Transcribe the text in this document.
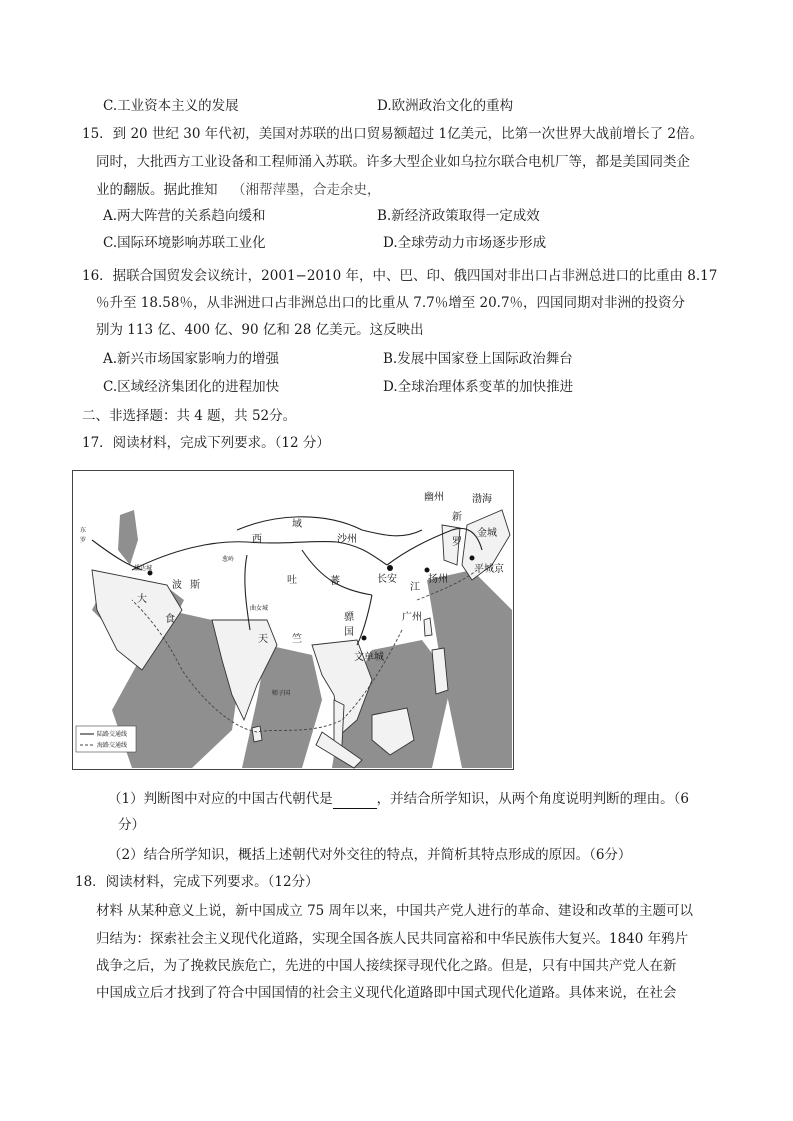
C.工业资本主义的发展	D.欧洲政治文化的重构
15．到 20 世纪 30 年代初，美国对苏联的出口贸易额超过 1亿美元，比第一次世界大战前增长了 2倍。
同时，大批西方工业设备和工程师涌入苏联。许多大型企业如乌拉尔联合电机厂等，都是美国同类企
业的翻版。据此推知 （湘帮萍墨，合走余史，
A.两大阵营的关系趋向缓和	B.新经济政策取得一定成效
C.国际环境影响苏联工业化	D.全球劳动力市场逐步形成
16．据联合国贸发会议统计，2001−2010 年，中、巴、印、俄四国对非出口占非洲总进口的比重由 8.17
％升至 18.58％，从非洲进口占非洲总出口的比重从 7.7％增至 20.7％，四国同期对非洲的投资分
别为 113 亿、400 亿、90 亿和 28 亿美元。这反映出
A.新兴市场国家影响力的增强	B.发展中国家登上国际政治舞台
C.区域经济集团化的进程加快	D.全球治理体系变革的加快推进
二、非选择题：共 4 题，共 52分。
17．阅读材料，完成下列要求。（12 分）
渤海
幽州
新
罗
金城
平城京
沙州
西
域
葱岭
吐	蕃	长安	扬州
江
广州
大
食
波 斯
播达城
曲女城
天 竺
骠
国
文单城
师子国
东
罗
陆路交通线
海路交通线
（1）判断图中对应的中国古代朝代是	，并结合所学知识，从两个角度说明判断的理由。（6
分）
（2）结合所学知识，概括上述朝代对外交往的特点，并简析其特点形成的原因。（6分）
18．阅读材料，完成下列要求。（12分）
材料 从某种意义上说，新中国成立 75 周年以来，中国共产党人进行的革命、建设和改革的主题可以
归结为：探索社会主义现代化道路，实现全国各族人民共同富裕和中华民族伟大复兴。1840 年鸦片
战争之后，为了挽救民族危亡，先进的中国人接续探寻现代化之路。但是，只有中国共产党人在新
中国成立后才找到了符合中国国情的社会主义现代化道路即中国式现代化道路。具体来说，在社会
